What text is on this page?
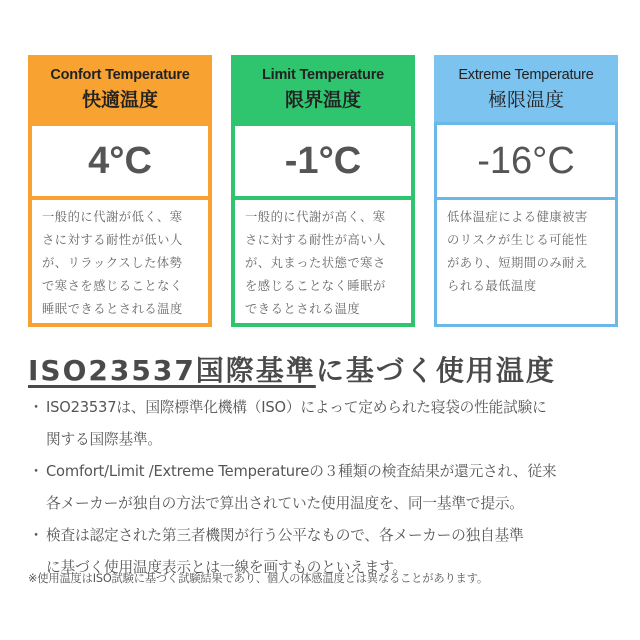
Confort Temperature
快適温度
4°C

一般的に代謝が低く、寒

さに対する耐性が低い人

が、リラックスした体勢

で寒さを感じることなく

睡眠できるとされる温度

Limit Temperature
限界温度
-1°C

一般的に代謝が高く、寒

さに対する耐性が高い人

が、丸まった状態で寒さ

を感じることなく睡眠が

できるとされる温度

Extreme Temperature
極限温度
-16°C

低体温症による健康被害

のリスクが生じる可能性

があり、短期間のみ耐え

られる最低温度

ISO23537国際基準に基づく使用温度
・ ISO23537は、国際標準化機構（ISO）によって定められた寝袋の性能試験に
関する国際基準。
・ Comfort/Limit /Extreme Temperatureの３種類の検査結果が還元され、従来
各メーカーが独自の方法で算出されていた使用温度を、同一基準で提示。
・ 検査は認定された第三者機関が行う公平なもので、各メーカーの独自基準
に基づく使用温度表示とは一線を画すものといえます。
※使用温度はISO試験に基づく試験結果であり、個人の体感温度とは異なることがあります。
